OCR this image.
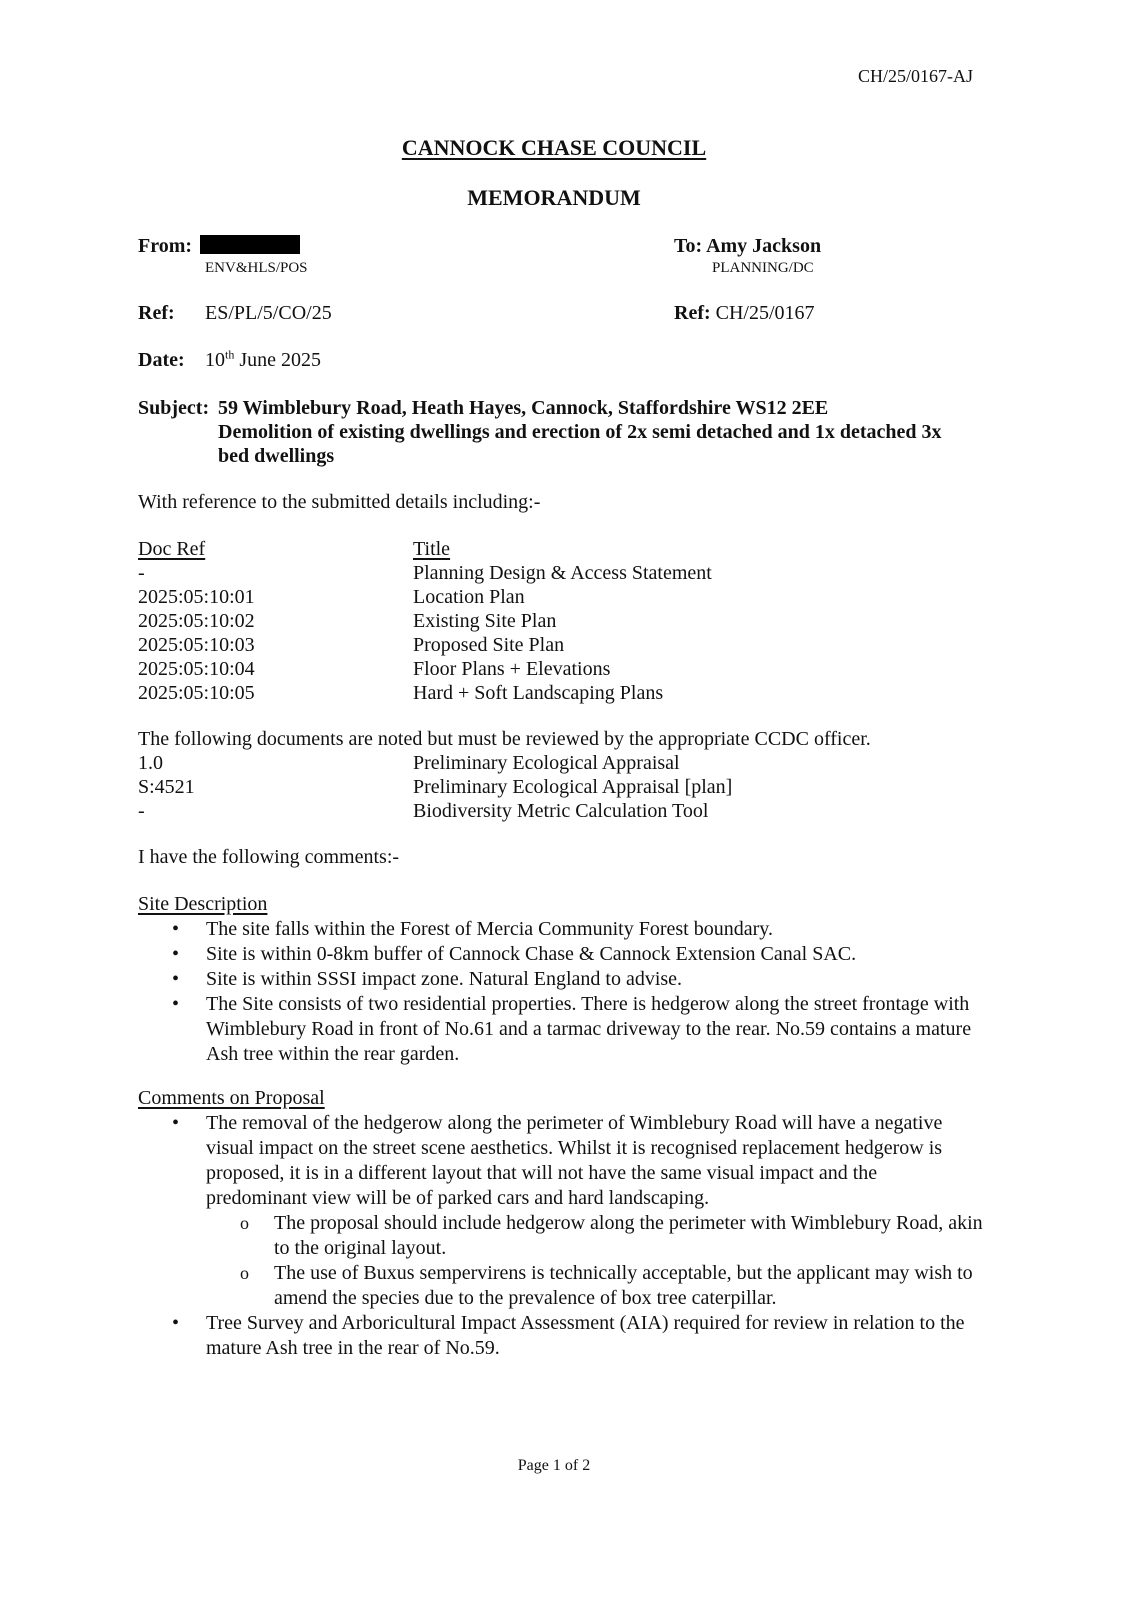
CH/25/0167-AJ
CANNOCK CHASE COUNCIL
MEMORANDUM
From:
ENV&HLS/POS
To: Amy Jackson
PLANNING/DC
Ref: ES/PL/5/CO/25	Ref: CH/25/0167
Date: 10th June 2025
Subject: 59 Wimblebury Road, Heath Hayes, Cannock, Staffordshire WS12 2EE
Demolition of existing dwellings and erection of 2x semi detached and 1x detached 3x
bed dwellings
With reference to the submitted details including:-
Doc Ref	Title
-	Planning Design & Access Statement
2025:05:10:01	Location Plan
2025:05:10:02	Existing Site Plan
2025:05:10:03	Proposed Site Plan
2025:05:10:04	Floor Plans + Elevations
2025:05:10:05	Hard + Soft Landscaping Plans
The following documents are noted but must be reviewed by the appropriate CCDC officer.
1.0	Preliminary Ecological Appraisal
S:4521	Preliminary Ecological Appraisal [plan]
-	Biodiversity Metric Calculation Tool
I have the following comments:-
Site Description
• The site falls within the Forest of Mercia Community Forest boundary.
• Site is within 0-8km buffer of Cannock Chase & Cannock Extension Canal SAC.
• Site is within SSSI impact zone. Natural England to advise.
• The Site consists of two residential properties. There is hedgerow along the street frontage with Wimblebury Road in front of No.61 and a tarmac driveway to the rear. No.59 contains a mature Ash tree within the rear garden.
Comments on Proposal
• The removal of the hedgerow along the perimeter of Wimblebury Road will have a negative visual impact on the street scene aesthetics. Whilst it is recognised replacement hedgerow is proposed, it is in a different layout that will not have the same visual impact and the predominant view will be of parked cars and hard landscaping.
o The proposal should include hedgerow along the perimeter with Wimblebury Road, akin to the original layout.
o The use of Buxus sempervirens is technically acceptable, but the applicant may wish to amend the species due to the prevalence of box tree caterpillar.
• Tree Survey and Arboricultural Impact Assessment (AIA) required for review in relation to the mature Ash tree in the rear of No.59.
Page 1 of 2
